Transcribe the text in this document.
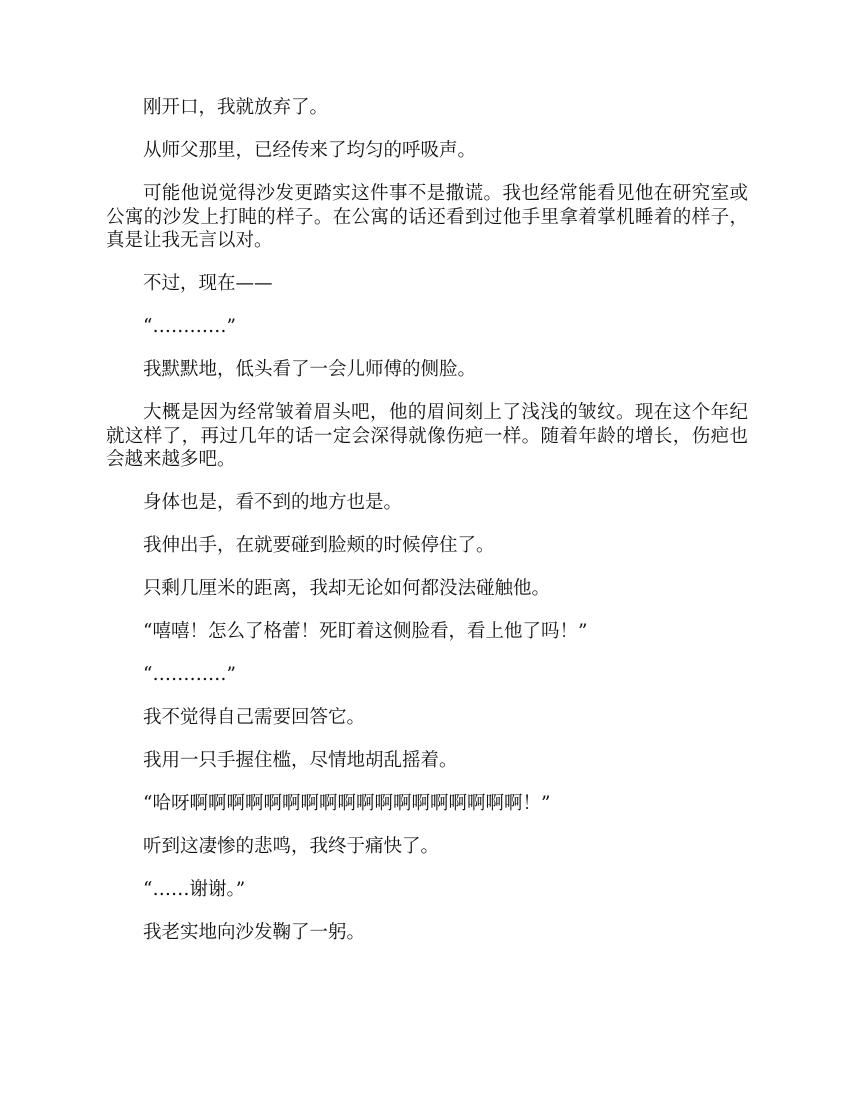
刚开口，我就放弃了。

从师父那里，已经传来了均匀的呼吸声。

可能他说觉得沙发更踏实这件事不是撒谎。我也经常能看见他在研究室或公寓的沙发上打盹的样子。在公寓的话还看到过他手里拿着掌机睡着的样子，真是让我无言以对。

不过，现在——

“…………”

我默默地，低头看了一会儿师傅的侧脸。

大概是因为经常皱着眉头吧，他的眉间刻上了浅浅的皱纹。现在这个年纪就这样了，再过几年的话一定会深得就像伤疤一样。随着年龄的增长，伤疤也会越来越多吧。

身体也是，看不到的地方也是。

我伸出手，在就要碰到脸颊的时候停住了。

只剩几厘米的距离，我却无论如何都没法碰触他。

“嘻嘻！怎么了格蕾！死盯着这侧脸看，看上他了吗！”

“…………”

我不觉得自己需要回答它。

我用一只手握住槛，尽情地胡乱摇着。

“哈呀啊啊啊啊啊啊啊啊啊啊啊啊啊啊啊啊啊啊！”

听到这凄惨的悲鸣，我终于痛快了。

“……谢谢。”

我老实地向沙发鞠了一躬。
